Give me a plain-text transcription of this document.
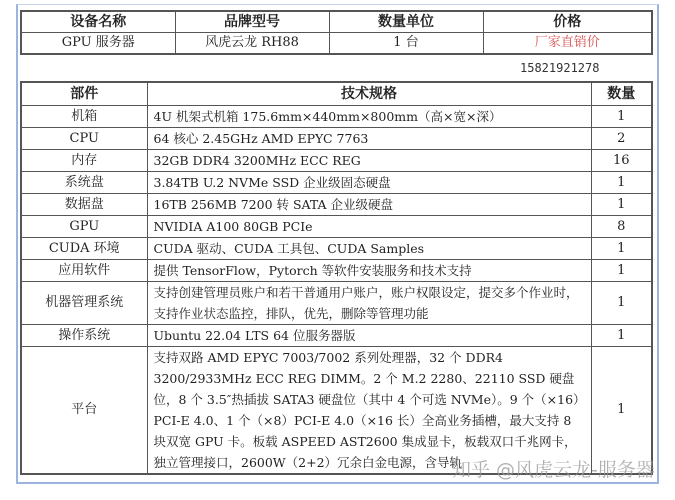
设备名称	品牌型号	数量单位	价格
GPU 服务器	风虎云龙 RH88	1 台	厂家直销价
15821921278
部件	技术规格	数量
机箱	4U 机架式机箱 175.6mm×440mm×800mm（高×宽×深）	1
CPU	64 核心 2.45GHz AMD EPYC 7763	2
内存	32GB DDR4 3200MHz ECC REG	16
系统盘	3.84TB U.2 NVMe SSD 企业级固态硬盘	1
数据盘	16TB 256MB 7200 转 SATA 企业级硬盘	1
GPU	NVIDIA A100 80GB PCIe	8
CUDA 环境	CUDA 驱动、CUDA 工具包、CUDA Samples	1
应用软件	提供 TensorFlow，Pytorch 等软件安装服务和技术支持	1
机器管理系统	支持创建管理员账户和若干普通用户账户，账户权限设定，提交多个作业时，支持作业状态监控，排队，优先，删除等管理功能	1
操作系统	Ubuntu 22.04 LTS 64 位服务器版	1
平台	支持双路 AMD EPYC 7003/7002 系列处理器，32 个 DDR4 3200/2933MHz ECC REG DIMM。2 个 M.2 2280、22110 SSD 硬盘位，8 个 3.5″热插拔 SATA3 硬盘位（其中 4 个可选 NVMe）。9 个（×16）PCI-E 4.0、1 个（×8）PCI-E 4.0（×16 长）全高业务插槽，最大支持 8 块双宽 GPU 卡。板载 ASPEED AST2600 集成显卡，板载双口千兆网卡，独立管理接口，2600W（2+2）冗余白金电源，含导轨	1
知乎 @风虎云龙-服务器
